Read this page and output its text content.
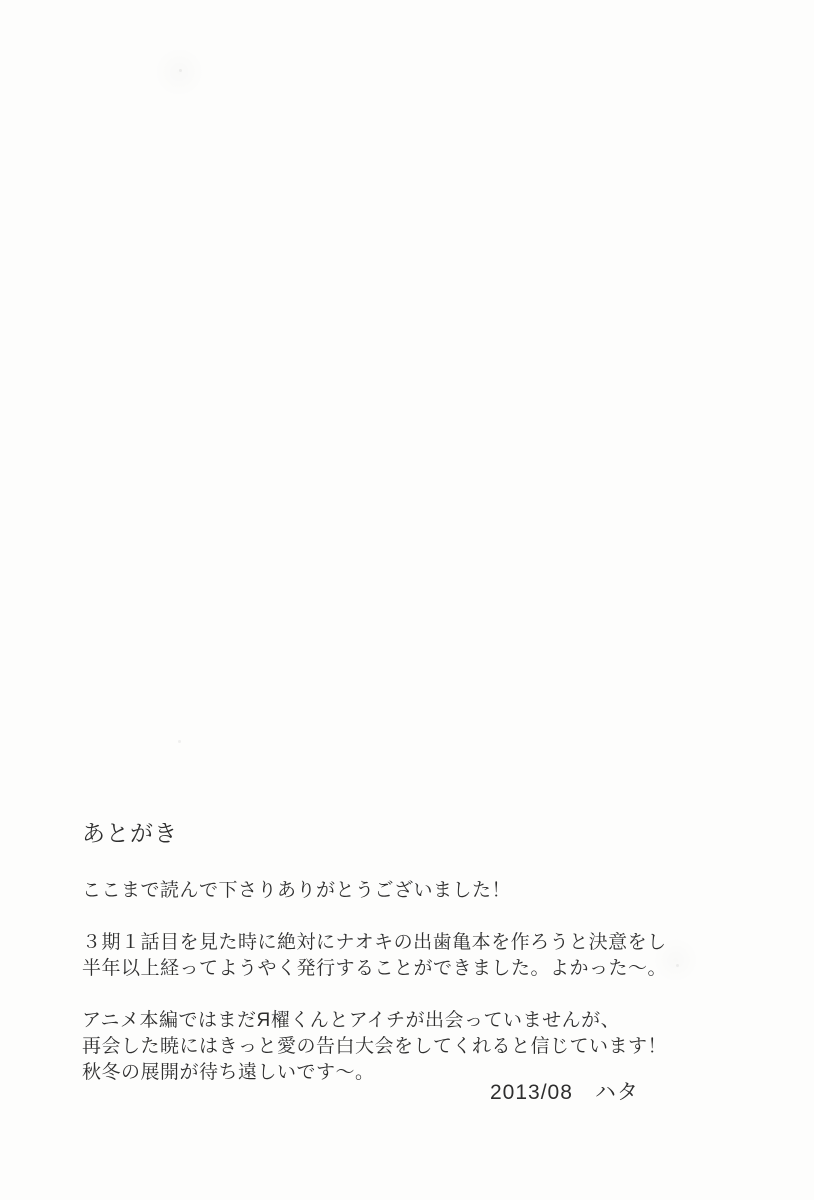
あとがき

ここまで読んで下さりありがとうございました！

３期１話目を見た時に絶対にナオキの出歯亀本を作ろうと決意をし
半年以上経ってようやく発行することができました。よかった～。

アニメ本編ではまだЯ櫂くんとアイチが出会っていませんが、
再会した暁にはきっと愛の告白大会をしてくれると信じています！
秋冬の展開が待ち遠しいです～。

2013/08　ハタ
